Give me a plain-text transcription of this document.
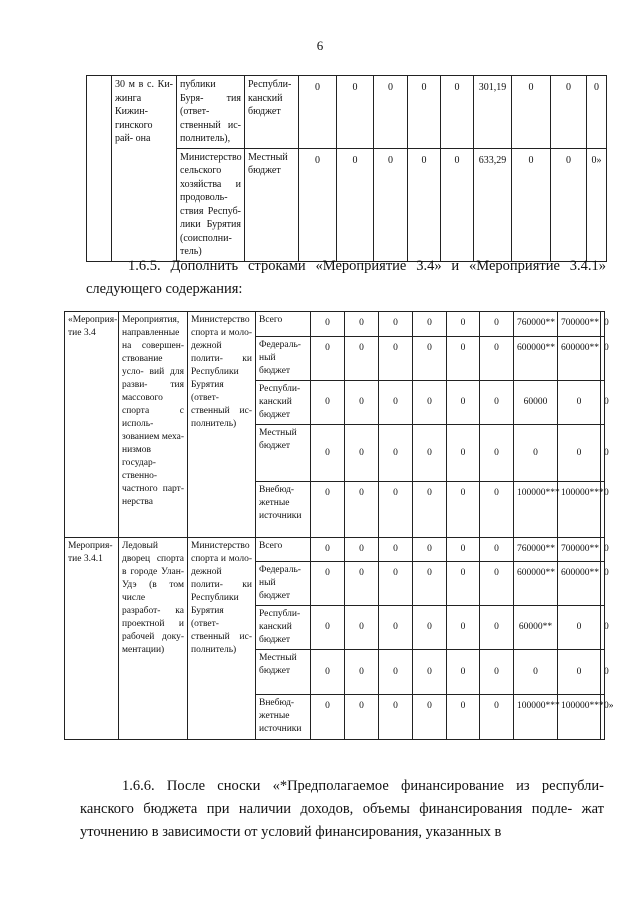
6
	30 м в с. Ки- жинга Кижин- гинского рай- она	публики Буря- тия (ответ- ственный ис- полнитель),	Республи- канский бюджет	0	0	0	0	0	301,19	0	0	0
		Министерство сельского хозяйства и продоволь- ствия Респуб- лики Бурятия (соисполни- тель)	Местный бюджет	0	0	0	0	0	633,29	0	0	0»
1.6.5. Дополнить строками «Мероприятие 3.4» и «Мероприятие 3.4.1» следующего содержания:
«Мероприя- тие 3.4	Мероприятия, направленные на совершен- ствование усло- вий для разви- тия массового спорта с исполь- зованием меха- низмов государ- ственно- частного парт- нерства	Министерство спорта и моло- дежной полити- ки Республики Бурятия (ответ- ственный ис- полнитель)	Всего	0	0	0	0	0	0	760000**	700000**	0
			Федераль- ный бюджет	0	0	0	0	0	0	600000**	600000**	0
			Республи- канский бюджет	0	0	0	0	0	0	60000	0	0
			Местный бюджет	0	0	0	0	0	0	0	0	0
			Внебюд- жетные источники	0	0	0	0	0	0	100000***	100000***	0
Мероприя- тие 3.4.1	Ледовый дворец спорта в городе Улан-Удэ (в том числе разработ- ка проектной и рабочей доку- ментации)	Министерство спорта и моло- дежной полити- ки Республики Бурятия (ответ- ственный ис- полнитель)	Всего	0	0	0	0	0	0	760000**	700000**	0
			Федераль- ный бюджет	0	0	0	0	0	0	600000**	600000**	0
			Республи- канский бюджет	0	0	0	0	0	0	60000**	0	0
			Местный бюджет	0	0	0	0	0	0	0	0	0
			Внебюд- жетные источники	0	0	0	0	0	0	100000***	100000***	0»
1.6.6. После сноски «*Предполагаемое финансирование из республи- канского бюджета при наличии доходов, объемы финансирования подле- жат уточнению в зависимости от условий финансирования, указанных в
